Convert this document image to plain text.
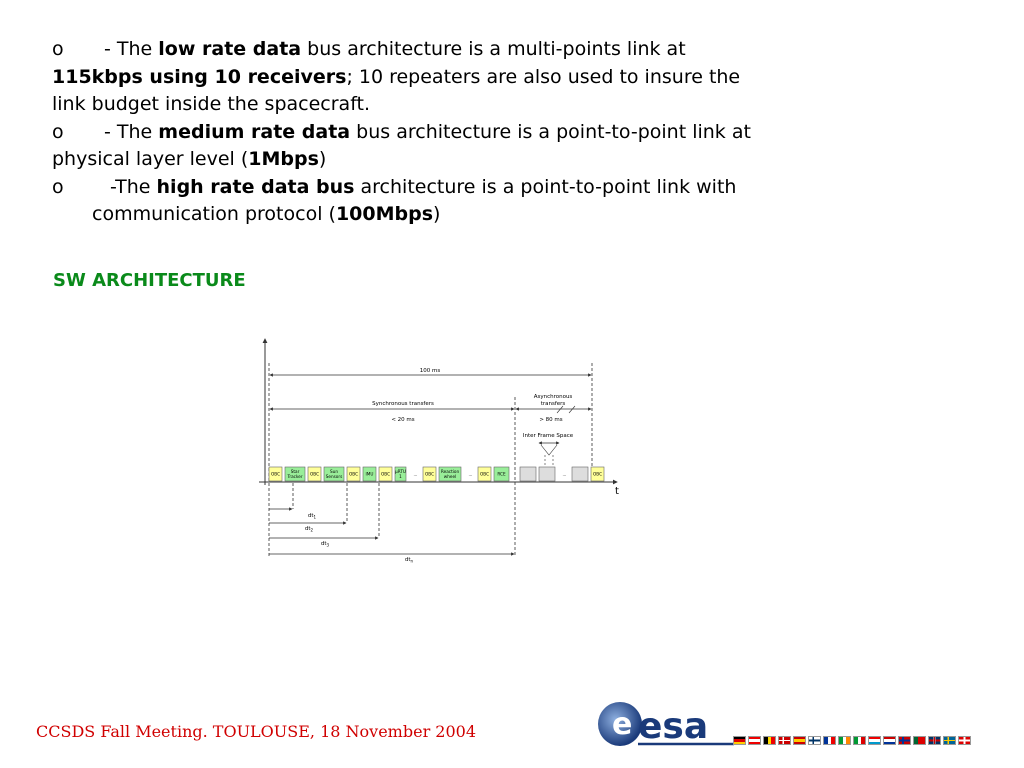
o - The low rate data bus architecture is a multi-points link at
115kbps using 10 receivers; 10 repeaters are also used to insure the
link budget inside the spacecraft.
o - The medium rate data bus architecture is a point-to-point link at
physical layer level (1Mbps)
o -The high rate data bus architecture is a point-to-point link with
communication protocol (100Mbps)
SW ARCHITECTURE
t
100 ms
Synchronous transfers
< 20 ms
Asynchronous
transfers
> 80 ms
Inter Frame Space
OBC	Star
Tracker OBC	Sun
Sensors OBC IMU OBC µRTU
1	... OBC Reaction
wheel	... OBC RCE	...	OBC
$dt_1$
$dt_2$
$dt_3$
$dt_n$
CCSDS Fall Meeting. TOULOUSE, 18 November 2004	e esa
